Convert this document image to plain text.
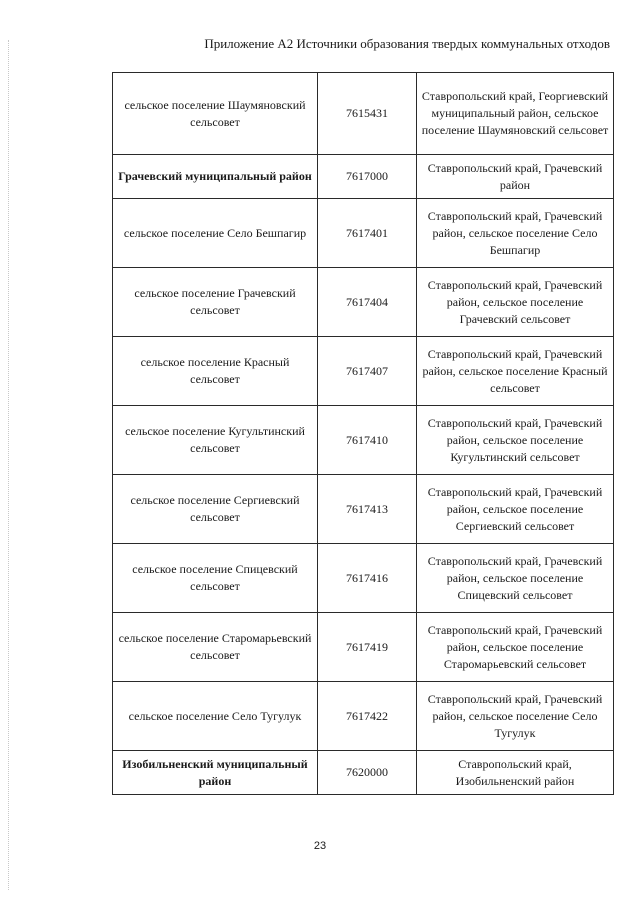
Приложение А2 Источники образования твердых коммунальных отходов
сельское поселение Шаумяновский сельсовет	7615431	Ставропольский край, Георгиевский муниципальный район, сельское поселение Шаумяновский сельсовет
Грачевский муниципальный район	7617000	Ставропольский край, Грачевский район
сельское поселение Село Бешпагир	7617401	Ставропольский край, Грачевский район, сельское поселение Село Бешпагир
сельское поселение Грачевский сельсовет	7617404	Ставропольский край, Грачевский район, сельское поселение Грачевский сельсовет
сельское поселение Красный сельсовет	7617407	Ставропольский край, Грачевский район, сельское поселение Красный сельсовет
сельское поселение Кугультинский сельсовет	7617410	Ставропольский край, Грачевский район, сельское поселение Кугультинский сельсовет
сельское поселение Сергиевский сельсовет	7617413	Ставропольский край, Грачевский район, сельское поселение Сергиевский сельсовет
сельское поселение Спицевский сельсовет	7617416	Ставропольский край, Грачевский район, сельское поселение Спицевский сельсовет
сельское поселение Старомарьевский сельсовет	7617419	Ставропольский край, Грачевский район, сельское поселение Старомарьевский сельсовет
сельское поселение Село Тугулук	7617422	Ставропольский край, Грачевский район, сельское поселение Село Тугулук
Изобильненский муниципальный район	7620000	Ставропольский край, Изобильненский район
23
